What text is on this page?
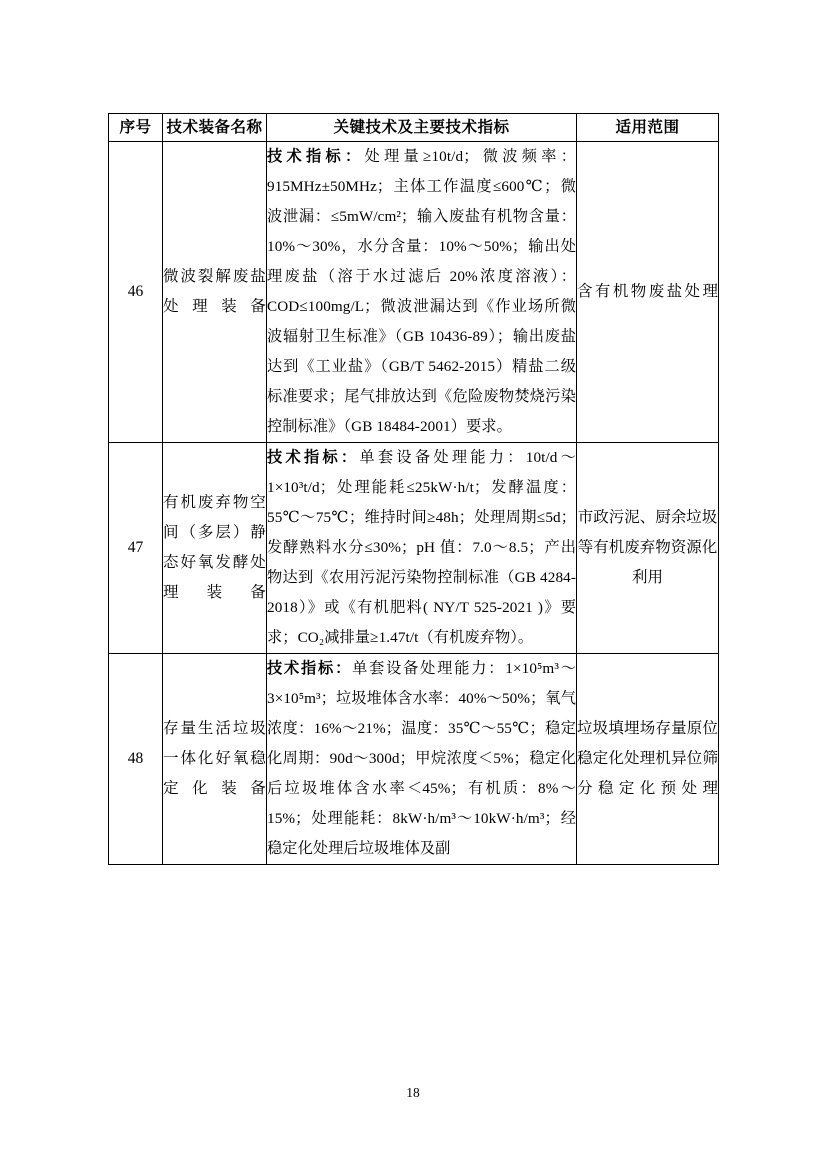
序号	技术装备名称	关键技术及主要技术指标	适用范围
46	微波裂解废盐处理装备	技术指标：处理量≥10t/d；微波频率：915MHz±50MHz；主体工作温度≤600℃；微波泄漏：≤5mW/cm²；输入废盐有机物含量：10%～30%，水分含量：10%～50%；输出处理废盐（溶于水过滤后 20%浓度溶液）：COD≤100mg/L；微波泄漏达到《作业场所微波辐射卫生标准》（GB 10436-89）；输出废盐达到《工业盐》（GB/T 5462-2015）精盐二级标准要求；尾气排放达到《危险废物焚烧污染控制标准》（GB 18484-2001）要求。	含有机物废盐处理
47	有机废弃物空间（多层）静态好氧发酵处理装备	技术指标：单套设备处理能力：10t/d～1×10³t/d；处理能耗≤25kW·h/t；发酵温度：55℃～75℃；维持时间≥48h；处理周期≤5d；发酵熟料水分≤30%；pH 值：7.0～8.5；产出物达到《农用污泥污染物控制标准（GB 4284-2018）》或《有机肥料( NY/T 525-2021 )》要求；CO₂减排量≥1.47t/t（有机废弃物）。	市政污泥、厨余垃圾等有机废弃物资源化利用
48	存量生活垃圾一体化好氧稳定化装备	技术指标：单套设备处理能力：1×10⁵m³～3×10⁵m³；垃圾堆体含水率：40%～50%；氧气浓度：16%～21%；温度：35℃～55℃；稳定化周期：90d～300d；甲烷浓度＜5%；稳定化后垃圾堆体含水率＜45%；有机质：8%～15%；处理能耗：8kW·h/m³～10kW·h/m³；经稳定化处理后垃圾堆体及副	垃圾填埋场存量原位稳定化处理机异位筛分稳定化预处理
18
